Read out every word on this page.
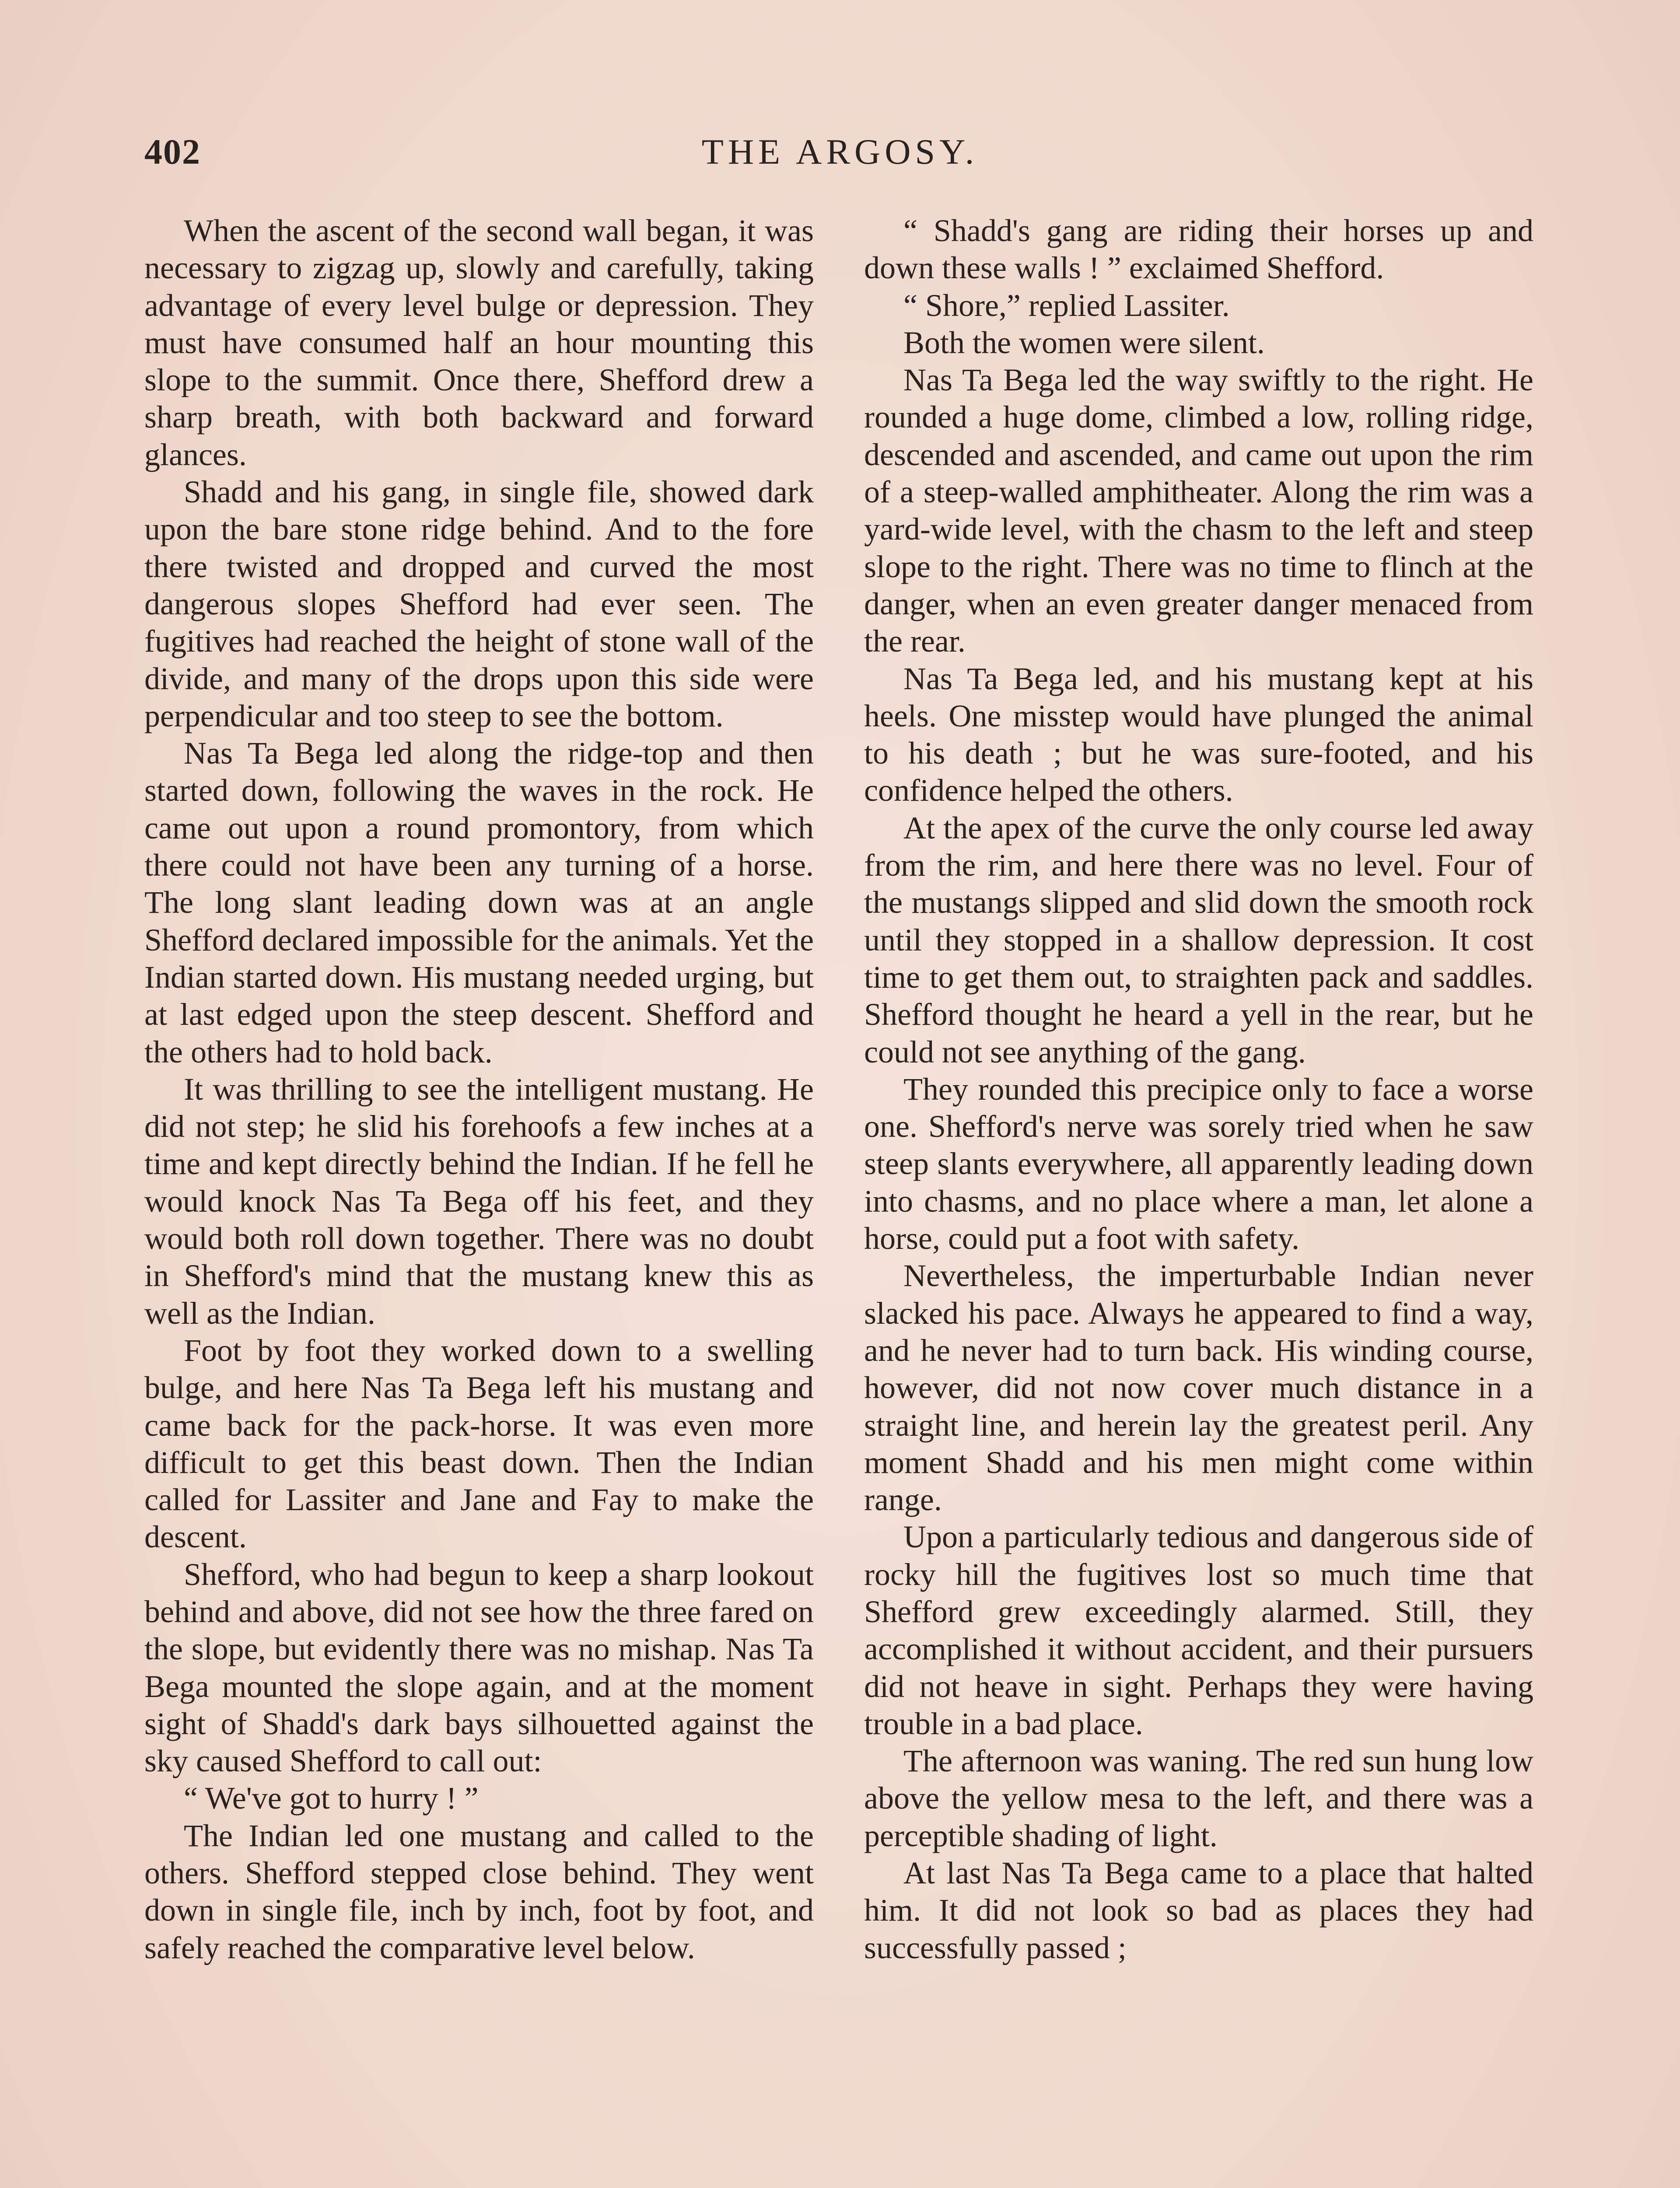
402	THE ARGOSY.

When the ascent of the second wall began, it was necessary to zigzag up, slowly and carefully, taking advantage of every level bulge or depression. They must have consumed half an hour mounting this slope to the summit. Once there, Shefford drew a sharp breath, with both backward and forward glances.

Shadd and his gang, in single file, showed dark upon the bare stone ridge behind. And to the fore there twisted and dropped and curved the most dangerous slopes Shefford had ever seen. The fugitives had reached the height of stone wall of the divide, and many of the drops upon this side were perpendicular and too steep to see the bottom.

Nas Ta Bega led along the ridge-top and then started down, following the waves in the rock. He came out upon a round promontory, from which there could not have been any turning of a horse. The long slant leading down was at an angle Shefford declared impossible for the animals. Yet the Indian started down. His mustang needed urging, but at last edged upon the steep descent. Shefford and the others had to hold back.

It was thrilling to see the intelligent mustang. He did not step; he slid his forehoofs a few inches at a time and kept directly behind the Indian. If he fell he would knock Nas Ta Bega off his feet, and they would both roll down together. There was no doubt in Shefford's mind that the mustang knew this as well as the Indian.

Foot by foot they worked down to a swelling bulge, and here Nas Ta Bega left his mustang and came back for the pack-horse. It was even more difficult to get this beast down. Then the Indian called for Lassiter and Jane and Fay to make the descent.

Shefford, who had begun to keep a sharp lookout behind and above, did not see how the three fared on the slope, but evidently there was no mishap. Nas Ta Bega mounted the slope again, and at the moment sight of Shadd's dark bays silhouetted against the sky caused Shefford to call out:

“ We've got to hurry ! ”

The Indian led one mustang and called to the others. Shefford stepped close behind. They went down in single file, inch by inch, foot by foot, and safely reached the comparative level below.

“ Shadd's gang are riding their horses up and down these walls ! ” exclaimed Shefford.

“ Shore,” replied Lassiter.

Both the women were silent.

Nas Ta Bega led the way swiftly to the right. He rounded a huge dome, climbed a low, rolling ridge, descended and ascended, and came out upon the rim of a steep-walled amphitheater. Along the rim was a yard-wide level, with the chasm to the left and steep slope to the right. There was no time to flinch at the danger, when an even greater danger menaced from the rear.

Nas Ta Bega led, and his mustang kept at his heels. One misstep would have plunged the animal to his death ; but he was sure-footed, and his confidence helped the others.

At the apex of the curve the only course led away from the rim, and here there was no level. Four of the mustangs slipped and slid down the smooth rock until they stopped in a shallow depression. It cost time to get them out, to straighten pack and saddles. Shefford thought he heard a yell in the rear, but he could not see anything of the gang.

They rounded this precipice only to face a worse one. Shefford's nerve was sorely tried when he saw steep slants everywhere, all apparently leading down into chasms, and no place where a man, let alone a horse, could put a foot with safety.

Nevertheless, the imperturbable Indian never slacked his pace. Always he appeared to find a way, and he never had to turn back. His winding course, however, did not now cover much distance in a straight line, and herein lay the greatest peril. Any moment Shadd and his men might come within range.

Upon a particularly tedious and dangerous side of rocky hill the fugitives lost so much time that Shefford grew exceedingly alarmed. Still, they accomplished it without accident, and their pursuers did not heave in sight. Perhaps they were having trouble in a bad place.

The afternoon was waning. The red sun hung low above the yellow mesa to the left, and there was a perceptible shading of light.

At last Nas Ta Bega came to a place that halted him. It did not look so bad as places they had successfully passed ;
